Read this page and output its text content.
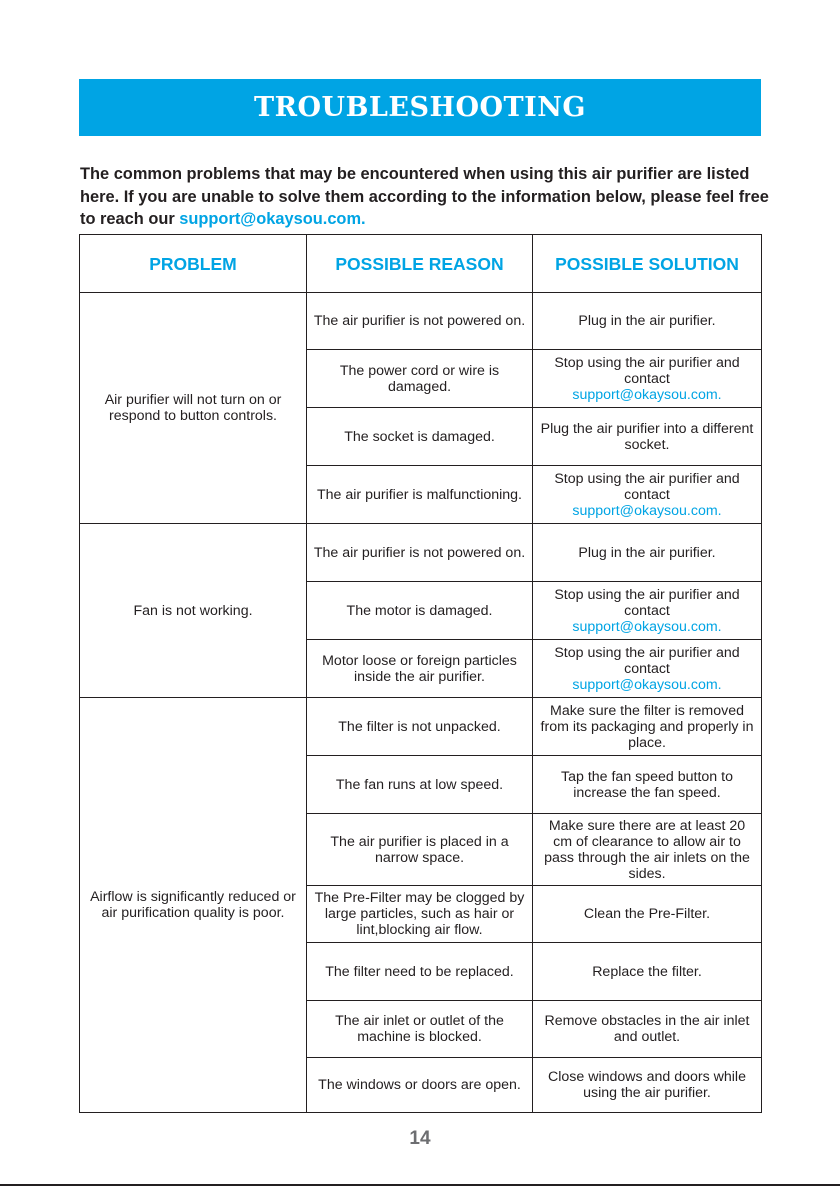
TROUBLESHOOTING
The common problems that may be encountered when using this air purifier are listed here. If you are unable to solve them according to the information below, please feel free to reach our support@okaysou.com.
PROBLEM	POSSIBLE REASON	POSSIBLE SOLUTION
Air purifier will not turn on or respond to button controls.	The air purifier is not powered on.	Plug in the air purifier.
	The power cord or wire is damaged.	Stop using the air purifier and contact
support@okaysou.com.
	The socket is damaged.	Plug the air purifier into a different socket.
	The air purifier is malfunctioning.	Stop using the air purifier and contact
support@okaysou.com.
Fan is not working.	The air purifier is not powered on.	Plug in the air purifier.
	The motor is damaged.	Stop using the air purifier and contact
support@okaysou.com.
	Motor loose or foreign particles inside the air purifier.	Stop using the air purifier and contact
support@okaysou.com.
Airflow is significantly reduced or air purification quality is poor.	The filter is not unpacked.	Make sure the filter is removed from its packaging and properly in place.
	The fan runs at low speed.	Tap the fan speed button to increase the fan speed.
	The air purifier is placed in a narrow space.	Make sure there are at least 20 cm of clearance to allow air to pass through the air inlets on the sides.
	The Pre-Filter may be clogged by large particles, such as hair or lint,blocking air flow.	Clean the Pre-Filter.
	The filter need to be replaced.	Replace the filter.
	The air inlet or outlet of the machine is blocked.	Remove obstacles in the air inlet and outlet.
	The windows or doors are open.	Close windows and doors while using the air purifier.
14
